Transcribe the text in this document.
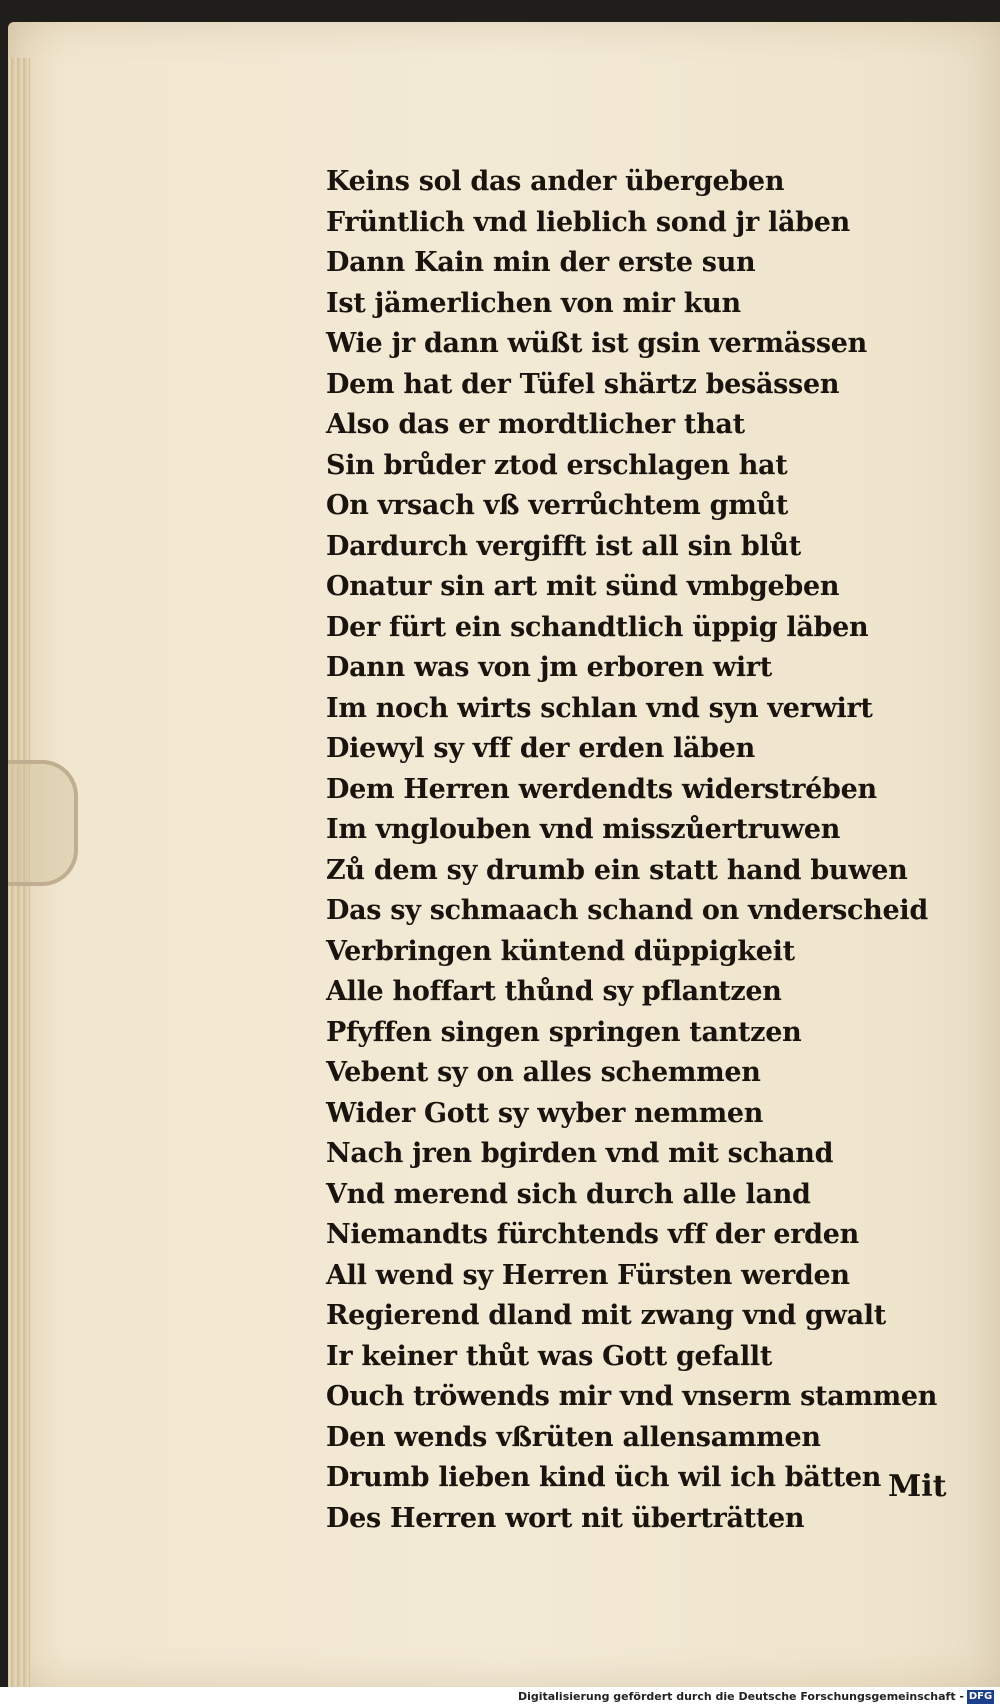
Keins sol das ander übergeben
Früntlich vnd lieblich sond jr läben
Dann Kain min der erste sun
Ist jämerlichen von mir kun
Wie jr dann wüßt ist gsin vermässen
Dem hat der Tüfel shärtz besässen
Also das er mordtlicher that
Sin brůder ztod erschlagen hat
On vrsach vß verrůchtem gmůt
Dardurch vergifft ist all sin blůt
Onatur sin art mit sünd vmbgeben
Der fürt ein schandtlich üppig läben
Dann was von jm erboren wirt
Im noch wirts schlan vnd syn verwirt
Diewyl sy vff der erden läben
Dem Herren werdendts widerstrében
Im vnglouben vnd misszůertruwen
Zů dem sy drumb ein statt hand buwen
Das sy schmaach schand on vnderscheid
Verbringen küntend düppigkeit
Alle hoffart thůnd sy pflantzen
Pfyffen singen springen tantzen
Vebent sy on alles schemmen
Wider Gott sy wyber nemmen
Nach jren bgirden vnd mit schand
Vnd merend sich durch alle land
Niemandts fürchtends vff der erden
All wend sy Herren Fürsten werden
Regierend dland mit zwang vnd gwalt
Ir keiner thůt was Gott gefallt
Ouch tröwends mir vnd vnserm stammen
Den wends vßrüten allensammen
Drumb lieben kind üch wil ich bätten
Des Herren wort nit überträtten
Mit
Digitalisierung gefördert durch die Deutsche Forschungsgemeinschaft - DFG
